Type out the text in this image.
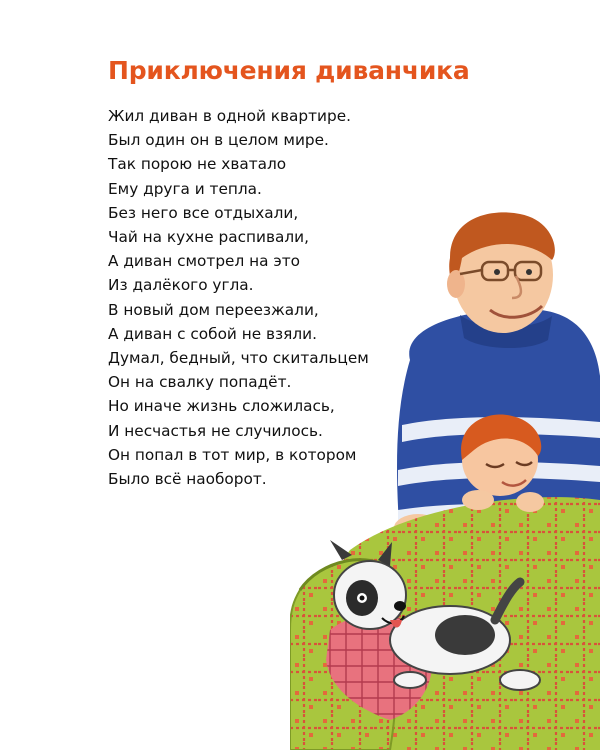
Приключения диванчика
Жил диван в одной квартире.
Был один он в целом мире.
Так порою не хватало
Ему друга и тепла.
Без него все отдыхали,
Чай на кухне распивали,
А диван смотрел на это
Из далёкого угла.
В новый дом переезжали,
А диван с собой не взяли.
Думал, бедный, что скитальцем
Он на свалку попадёт.
Но иначе жизнь сложилась,
И несчастья не случилось.
Он попал в тот мир, в котором
Было всё наоборот.
